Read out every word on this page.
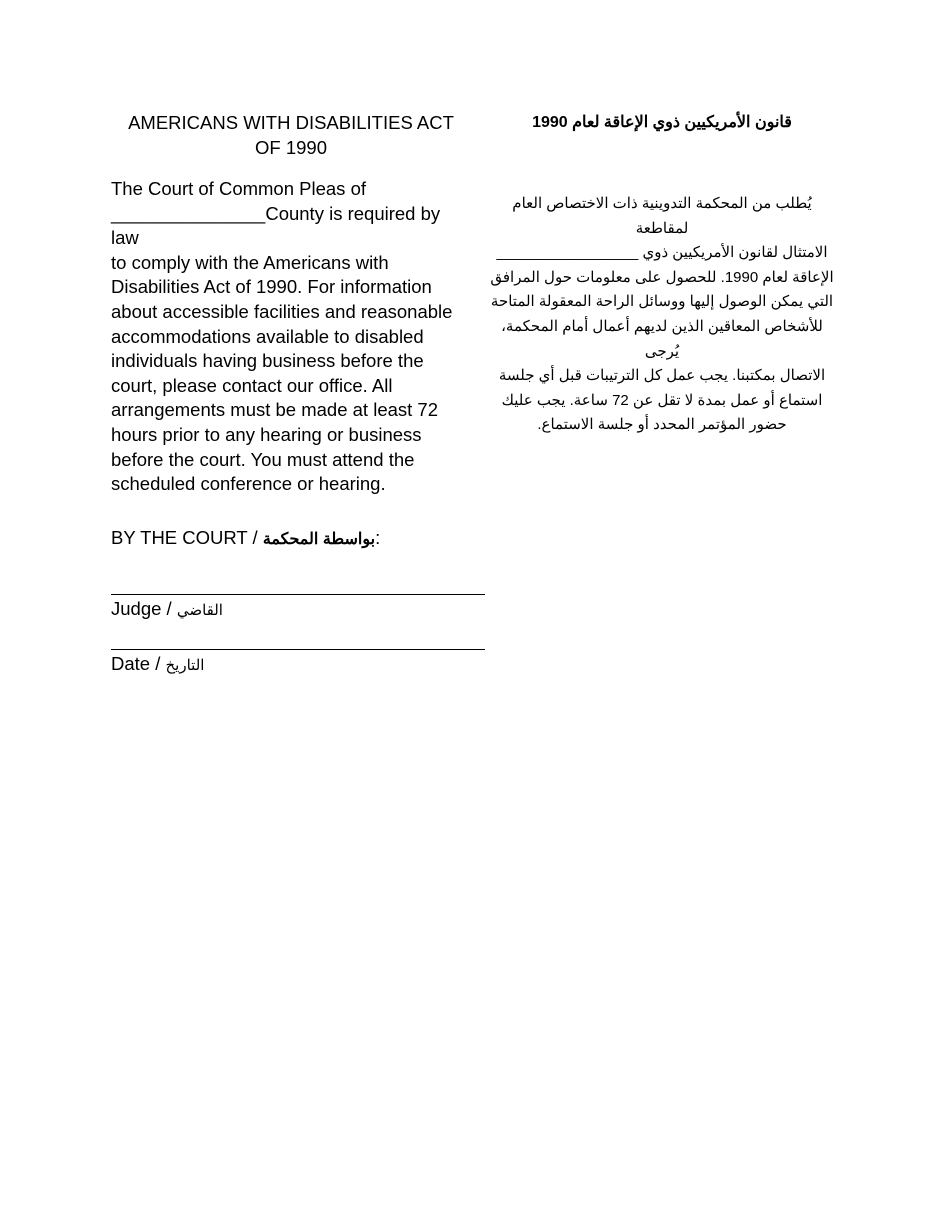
AMERICANS WITH DISABILITIES ACT
OF 1990
The Court of Common Pleas of
_______________County is required by law
to comply with the Americans with
Disabilities Act of 1990. For information
about accessible facilities and reasonable
accommodations available to disabled
individuals having business before the
court, please contact our office. All
arrangements must be made at least 72
hours prior to any hearing or business
before the court. You must attend the
scheduled conference or hearing.
قانون الأمريكيين ذوي الإعاقة لعام 1990
يُطلب من المحكمة التدوينية ذات الاختصاص العام لمقاطعة
الامتثال لقانون الأمريكيين ذوي _________________
الإعاقة لعام 1990. للحصول على معلومات حول المرافق
التي يمكن الوصول إليها ووسائل الراحة المعقولة المتاحة
للأشخاص المعاقين الذين لديهم أعمال أمام المحكمة، يُرجى
الاتصال بمكتبنا. يجب عمل كل الترتيبات قبل أي جلسة
استماع أو عمل بمدة لا تقل عن 72 ساعة. يجب عليك
حضور المؤتمر المحدد أو جلسة الاستماع.

BY THE COURT / بواسطة المحكمة:

Judge / القاضي
Date / التاريخ
